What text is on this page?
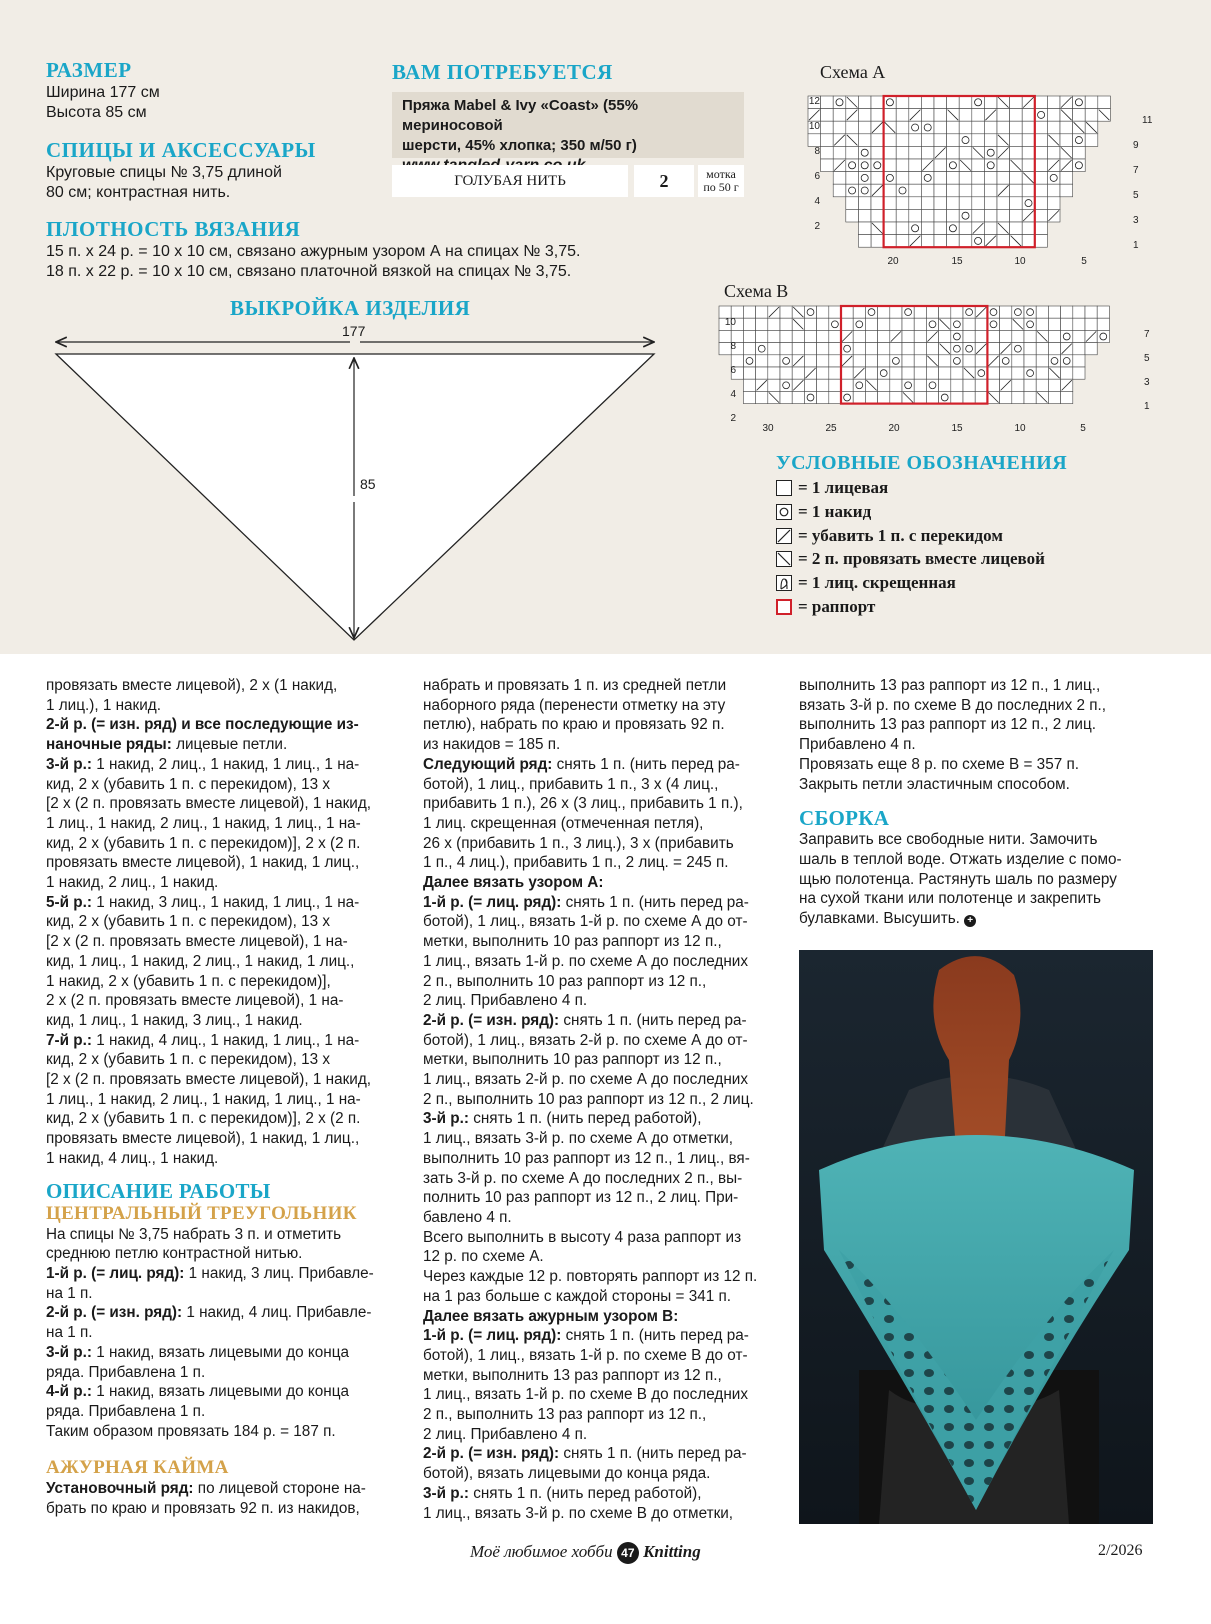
РАЗМЕР
Ширина 177 см
Высота 85 см
СПИЦЫ И АКСЕССУАРЫ
Круговые спицы № 3,75 длиной
80 см; контрастная нить.
ПЛОТНОСТЬ ВЯЗАНИЯ
15 п. х 24 р. = 10 х 10 см, связано ажурным узором А на спицах № 3,75.
18 п. х 22 р. = 10 х 10 см, связано платочной вязкой на спицах № 3,75.
ВАМ ПОТРЕБУЕТСЯ
Пряжа Mabel & Ivy «Coast» (55% мериносовой
шерсти, 45% хлопка; 350 м/50 г)
ГОЛУБАЯ НИТЬ	2	мотка
по 50 г
ВЫКРОЙКА ИЗДЕЛИЯ
177
85
Схема А
12
10
8
6
4
2
11
9
7
5
3
1
20	15	10	5
Схема В
10
8
6
4
2
7
5
3
1
30	25	20	15	10	5
УСЛОВНЫЕ ОБОЗНАЧЕНИЯ
= 1 лицевая
= 1 накид
= убавить 1 п. с перекидом
= 2 п. провязать вместе лицевой
= 1 лиц. скрещенная
= раппорт

провязать вместе лицевой), 2 х (1 накид,

1 лиц.), 1 накид.

2-й р. (= изн. ряд) и все последующие из-

наночные ряды: лицевые петли.

3-й р.: 1 накид, 2 лиц., 1 накид, 1 лиц., 1 на-

кид, 2 х (убавить 1 п. с перекидом), 13 х

[2 х (2 п. провязать вместе лицевой), 1 накид,

1 лиц., 1 накид, 2 лиц., 1 накид, 1 лиц., 1 на-

кид, 2 х (убавить 1 п. с перекидом)], 2 х (2 п.

провязать вместе лицевой), 1 накид, 1 лиц.,

1 накид, 2 лиц., 1 накид.

5-й р.: 1 накид, 3 лиц., 1 накид, 1 лиц., 1 на-

кид, 2 х (убавить 1 п. с перекидом), 13 х

[2 х (2 п. провязать вместе лицевой), 1 на-

кид, 1 лиц., 1 накид, 2 лиц., 1 накид, 1 лиц.,

1 накид, 2 х (убавить 1 п. с перекидом)],

2 х (2 п. провязать вместе лицевой), 1 на-

кид, 1 лиц., 1 накид, 3 лиц., 1 накид.

7-й р.: 1 накид, 4 лиц., 1 накид, 1 лиц., 1 на-

кид, 2 х (убавить 1 п. с перекидом), 13 х

[2 х (2 п. провязать вместе лицевой), 1 накид,

1 лиц., 1 накид, 2 лиц., 1 накид, 1 лиц., 1 на-

кид, 2 х (убавить 1 п. с перекидом)], 2 х (2 п.

провязать вместе лицевой), 1 накид, 1 лиц.,

1 накид, 4 лиц., 1 накид.

ОПИСАНИЕ РАБОТЫ
ЦЕНТРАЛЬНЫЙ ТРЕУГОЛЬНИК

На спицы № 3,75 набрать 3 п. и отметить

среднюю петлю контрастной нитью.

1-й р. (= лиц. ряд): 1 накид, 3 лиц. Прибавле-

на 1 п.

2-й р. (= изн. ряд): 1 накид, 4 лиц. Прибавле-

на 1 п.

3-й р.: 1 накид, вязать лицевыми до конца

ряда. Прибавлена 1 п.

4-й р.: 1 накид, вязать лицевыми до конца

ряда. Прибавлена 1 п.

Таким образом провязать 184 р. = 187 п.

АЖУРНАЯ КАЙМА

Установочный ряд: по лицевой стороне на-

брать по краю и провязать 92 п. из накидов,

набрать и провязать 1 п. из средней петли

наборного ряда (перенести отметку на эту

петлю), набрать по краю и провязать 92 п.

из накидов = 185 п.

Следующий ряд: снять 1 п. (нить перед ра-

ботой), 1 лиц., прибавить 1 п., 3 х (4 лиц.,

прибавить 1 п.), 26 х (3 лиц., прибавить 1 п.),

1 лиц. скрещенная (отмеченная петля),

26 х (прибавить 1 п., 3 лиц.), 3 х (прибавить

1 п., 4 лиц.), прибавить 1 п., 2 лиц. = 245 п.

Далее вязать узором А:

1-й р. (= лиц. ряд): снять 1 п. (нить перед ра-

ботой), 1 лиц., вязать 1-й р. по схеме А до от-

метки, выполнить 10 раз раппорт из 12 п.,

1 лиц., вязать 1-й р. по схеме А до последних

2 п., выполнить 10 раз раппорт из 12 п.,

2 лиц. Прибавлено 4 п.

2-й р. (= изн. ряд): снять 1 п. (нить перед ра-

ботой), 1 лиц., вязать 2-й р. по схеме А до от-

метки, выполнить 10 раз раппорт из 12 п.,

1 лиц., вязать 2-й р. по схеме А до последних

2 п., выполнить 10 раз раппорт из 12 п., 2 лиц.

3-й р.: снять 1 п. (нить перед работой),

1 лиц., вязать 3-й р. по схеме А до отметки,

выполнить 10 раз раппорт из 12 п., 1 лиц., вя-

зать 3-й р. по схеме А до последних 2 п., вы-

полнить 10 раз раппорт из 12 п., 2 лиц. При-

бавлено 4 п.

Всего выполнить в высоту 4 раза раппорт из

12 р. по схеме А.

Через каждые 12 р. повторять раппорт из 12 п.

на 1 раз больше с каждой стороны = 341 п.

Далее вязать ажурным узором В:

1-й р. (= лиц. ряд): снять 1 п. (нить перед ра-

ботой), 1 лиц., вязать 1-й р. по схеме В до от-

метки, выполнить 13 раз раппорт из 12 п.,

1 лиц., вязать 1-й р. по схеме В до последних

2 п., выполнить 13 раз раппорт из 12 п.,

2 лиц. Прибавлено 4 п.

2-й р. (= изн. ряд): снять 1 п. (нить перед ра-

ботой), вязать лицевыми до конца ряда.

3-й р.: снять 1 п. (нить перед работой),

1 лиц., вязать 3-й р. по схеме В до отметки,

выполнить 13 раз раппорт из 12 п., 1 лиц.,

вязать 3-й р. по схеме В до последних 2 п.,

выполнить 13 раз раппорт из 12 п., 2 лиц.

Прибавлено 4 п.

Провязать еще 8 р. по схеме В = 357 п.

Закрыть петли эластичным способом.

СБОРКА

Заправить все свободные нити. Замочить

шаль в теплой воде. Отжать изделие с помо-

щью полотенца. Растянуть шаль по размеру

на сухой ткани или полотенце и закрепить

булавками. Высушить. +

Моё любимое хобби 47 Knitting	2/2026
